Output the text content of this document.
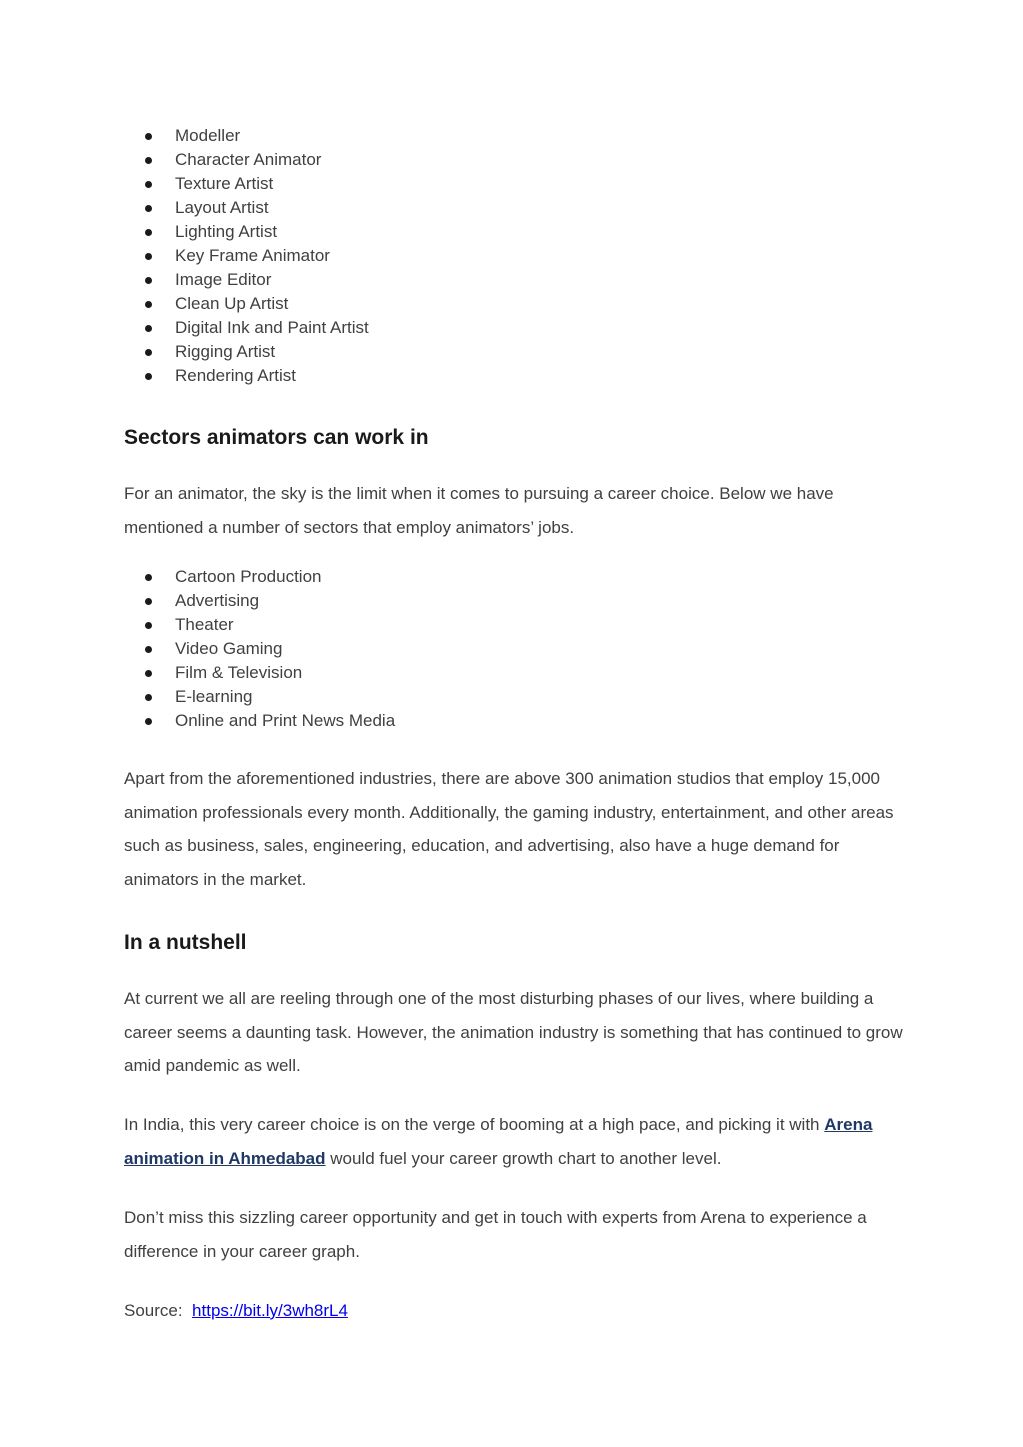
Modeller
Character Animator
Texture Artist
Layout Artist
Lighting Artist
Key Frame Animator
Image Editor
Clean Up Artist
Digital Ink and Paint Artist
Rigging Artist
Rendering Artist
Sectors animators can work in

For an animator, the sky is the limit when it comes to pursuing a career choice. Below we have mentioned a number of sectors that employ animators’ jobs.

Cartoon Production
Advertising
Theater
Video Gaming
Film & Television
E-learning
Online and Print News Media

Apart from the aforementioned industries, there are above 300 animation studios that employ 15,000 animation professionals every month. Additionally, the gaming industry, entertainment, and other areas such as business, sales, engineering, education, and advertising, also have a huge demand for animators in the market.

In a nutshell

At current we all are reeling through one of the most disturbing phases of our lives, where building a career seems a daunting task. However, the animation industry is something that has continued to grow amid pandemic as well.

In India, this very career choice is on the verge of booming at a high pace, and picking it with Arena animation in Ahmedabad would fuel your career growth chart to another level.

Don’t miss this sizzling career opportunity and get in touch with experts from Arena to experience a difference in your career graph.

Source:  https://bit.ly/3wh8rL4
